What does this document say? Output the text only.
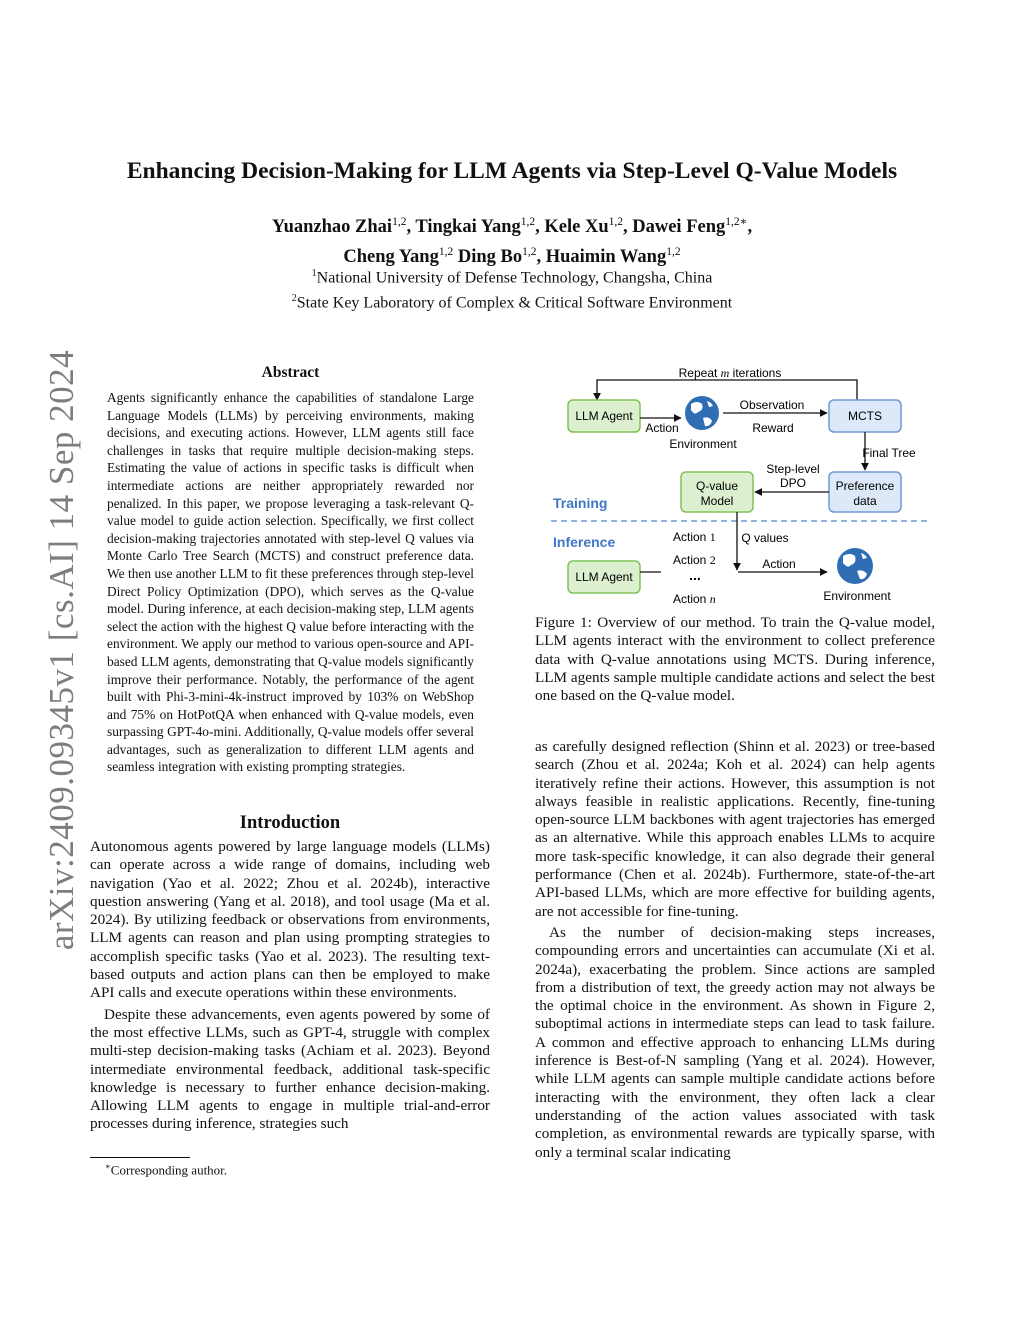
arXiv:2409.09345v1 [cs.AI] 14 Sep 2024
Enhancing Decision-Making for LLM Agents via Step-Level Q-Value Models
Yuanzhao Zhai$^{1,2}$, Tingkai Yang$^{1,2}$, Kele Xu$^{1,2}$, Dawei Feng$^{1,2∗}$,
Cheng Yang$^{1,2}$ Ding Bo$^{1,2}$, Huaimin Wang$^{1,2}$
$^1$National University of Defense Technology, Changsha, China
$^2$State Key Laboratory of Complex & Critical Software Environment
Abstract
Agents significantly enhance the capabilities of standalone Large Language Models (LLMs) by perceiving environments, making decisions, and executing actions. However, LLM agents still face challenges in tasks that require multiple decision-making steps. Estimating the value of actions in specific tasks is difficult when intermediate actions are neither appropriately rewarded nor penalized. In this paper, we propose leveraging a task-relevant Q-value model to guide action selection. Specifically, we first collect decision-making trajectories annotated with step-level Q values via Monte Carlo Tree Search (MCTS) and construct preference data. We then use another LLM to fit these preferences through step-level Direct Policy Optimization (DPO), which serves as the Q-value model. During inference, at each decision-making step, LLM agents select the action with the highest Q value before interacting with the environment. We apply our method to various open-source and API-based LLM agents, demonstrating that Q-value models significantly improve their performance. Notably, the performance of the agent built with Phi-3-mini-4k-instruct improved by 103% on WebShop and 75% on HotPotQA when enhanced with Q-value models, even surpassing GPT-4o-mini. Additionally, Q-value models offer several advantages, such as generalization to different LLM agents and seamless integration with existing prompting strategies.
Introduction

Autonomous agents powered by large language models (LLMs) can operate across a wide range of domains, including web navigation (Yao et al. 2022; Zhou et al. 2024b), interactive question answering (Yang et al. 2018), and tool usage (Ma et al. 2024). By utilizing feedback or observations from environments, LLM agents can reason and plan using prompting strategies to accomplish specific tasks (Yao et al. 2023). The resulting text-based outputs and action plans can then be employed to make API calls and execute operations within these environments.

Despite these advancements, even agents powered by some of the most effective LLMs, such as GPT-4, struggle with complex multi-step decision-making tasks (Achiam et al. 2023). Beyond intermediate environmental feedback, additional task-specific knowledge is necessary to further enhance decision-making. Allowing LLM agents to engage in multiple trial-and-error processes during inference, strategies such

∗Corresponding author.
Repeat m iterations
LLM Agent
Action
Environment
Observation
Reward
MCTS
Final Tree
Preference
data
Step-level
DPO
Q-value
Model
Training
Inference	Q values
LLM Agent
Action 1
Action 2
...
Action n
Action
Environment
Figure 1: Overview of our method. To train the Q-value model, LLM agents interact with the environment to collect preference data with Q-value annotations using MCTS. During inference, LLM agents sample multiple candidate actions and select the best one based on the Q-value model.

as carefully designed reflection (Shinn et al. 2023) or tree-based search (Zhou et al. 2024a; Koh et al. 2024) can help agents iteratively refine their actions. However, this assumption is not always feasible in realistic applications. Recently, fine-tuning open-source LLM backbones with agent trajectories has emerged as an alternative. While this approach enables LLMs to acquire more task-specific knowledge, it can also degrade their general performance (Chen et al. 2024b). Furthermore, state-of-the-art API-based LLMs, which are more effective for building agents, are not accessible for fine-tuning.

As the number of decision-making steps increases, compounding errors and uncertainties can accumulate (Xi et al. 2024a), exacerbating the problem. Since actions are sampled from a distribution of text, the greedy action may not always be the optimal choice in the environment. As shown in Figure 2, suboptimal actions in intermediate steps can lead to task failure. A common and effective approach to enhancing LLMs during inference is Best-of-N sampling (Yang et al. 2024). However, while LLM agents can sample multiple candidate actions before interacting with the environment, they often lack a clear understanding of the action values associated with task completion, as environmental rewards are typically sparse, with only a terminal scalar indicating
